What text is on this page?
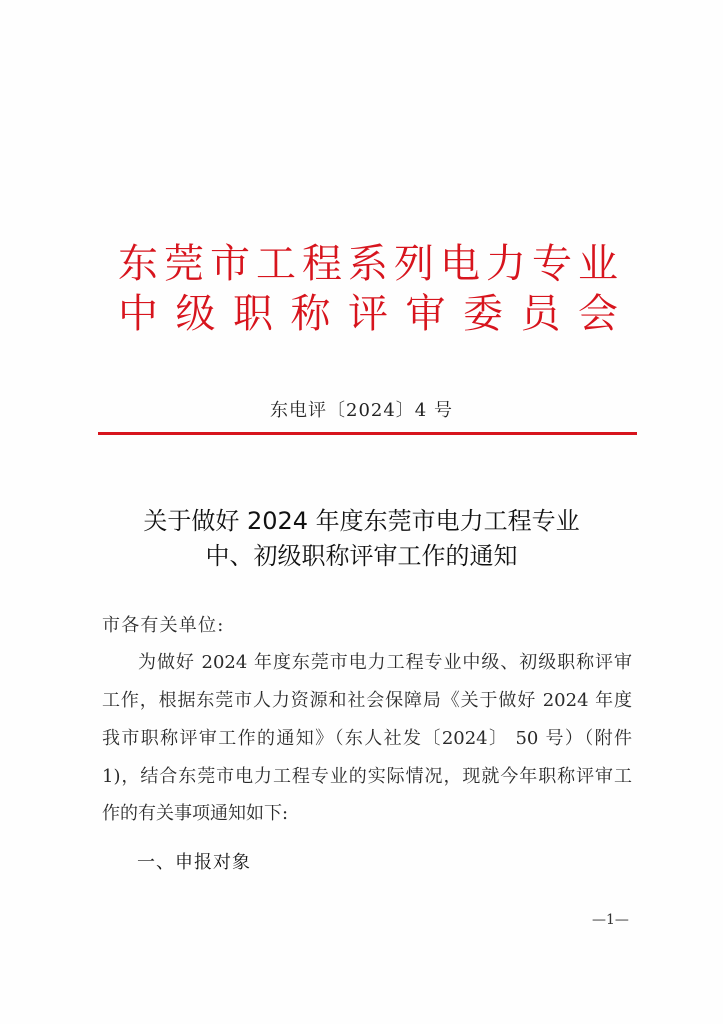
东 莞 市 工 程 系 列 电 力 专 业
中 级 职 称 评 审 委 员 会
东电评〔2024〕4 号
关于做好 2024 年度东莞市电力工程专业
中、初级职称评审工作的通知
市各有关单位:
为做好 2024 年度东莞市电力工程专业中级、初级职称评审
工作，根据东莞市人力资源和社会保障局《关于做好 2024 年度
我市职称评审工作的通知》（东人社发〔2024〕 50 号）（附件
1)，结合东莞市电力工程专业的实际情况，现就今年职称评审工
作的有关事项通知如下:
一、申报对象
—1—
